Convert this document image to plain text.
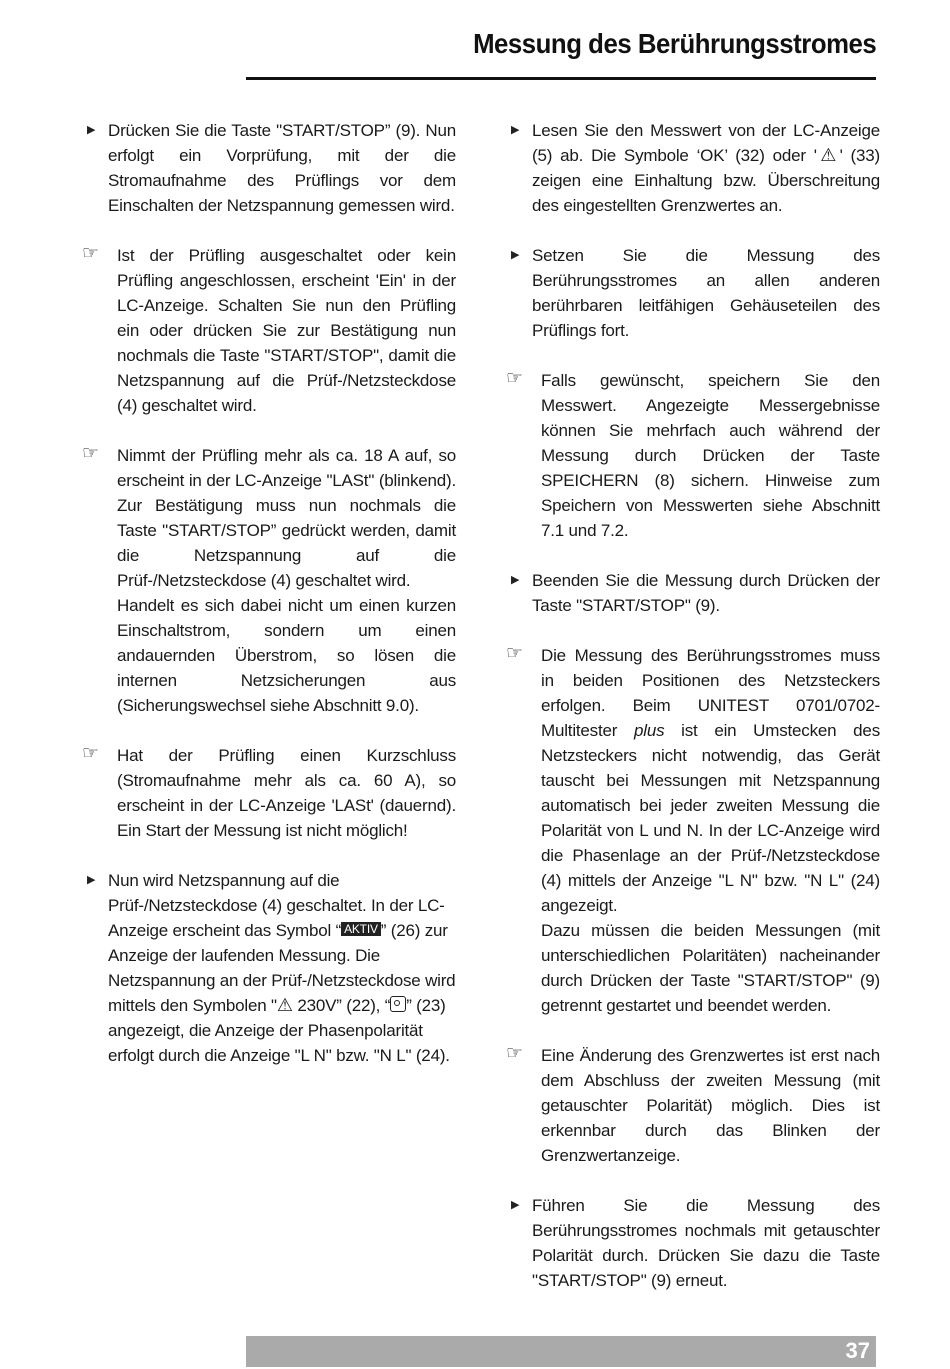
Messung des Berührungsstromes
▶ Drücken Sie die Taste "START/STOP” (9). Nun erfolgt ein Vorprüfung, mit der die Stromaufnahme des Prüflings vor dem Einschalten der Netzspannung gemessen wird.
☞ Ist der Prüfling ausgeschaltet oder kein Prüfling angeschlossen, erscheint 'Ein' in der LC-Anzeige. Schalten Sie nun den Prüfling ein oder drücken Sie zur Bestätigung nun nochmals die Taste "START/STOP", damit die Netzspannung auf die Prüf-/Netzsteckdose (4) geschaltet wird.
☞ Nimmt der Prüfling mehr als ca. 18 A auf, so erscheint in der LC-Anzeige "LASt" (blinkend). Zur Bestätigung muss nun nochmals die Taste "START/STOP” gedrückt werden, damit die Netzspannung auf die Prüf-/Netzsteckdose (4) geschaltet wird.

Handelt es sich dabei nicht um einen kurzen Einschaltstrom, sondern um einen andauernden Überstrom, so lösen die internen Netzsicherungen aus (Sicherungswechsel siehe Abschnitt 9.0).

☞ Hat der Prüfling einen Kurzschluss (Stromaufnahme mehr als ca. 60 A), so erscheint in der LC-Anzeige 'LASt' (dauernd). Ein Start der Messung ist nicht möglich!
▶ Nun wird Netzspannung auf die Prüf-/Netzsteckdose (4) geschaltet. In der LC-Anzeige erscheint das Symbol “ AKTIV ” (26) zur Anzeige der laufenden Messung. Die Netzspannung an der Prüf-/Netzsteckdose wird mittels den Symbolen "⚠ 230V” (22), “ ” (23) angezeigt, die Anzeige der Phasenpolarität erfolgt durch die Anzeige "L N" bzw. "N L" (24).
▶ Lesen Sie den Messwert von der LC-Anzeige (5) ab. Die Symbole ‘OK’ (32) oder '⚠' (33) zeigen eine Einhaltung bzw. Überschreitung des eingestellten Grenzwertes an.
▶ Setzen Sie die Messung des Berührungsstromes an allen anderen berührbaren leitfähigen Gehäuseteilen des Prüflings fort.
☞ Falls gewünscht, speichern Sie den Messwert. Angezeigte Messergebnisse können Sie mehrfach auch während der Messung durch Drücken der Taste SPEICHERN (8) sichern. Hinweise zum Speichern von Messwerten siehe Abschnitt 7.1 und 7.2.
▶ Beenden Sie die Messung durch Drücken der Taste "START/STOP" (9).
☞ Die Messung des Berührungsstromes muss in beiden Positionen des Netzsteckers erfolgen. Beim UNITEST 0701/0702-Multitester plus ist ein Umstecken des Netzsteckers nicht notwendig, das Gerät tauscht bei Messungen mit Netzspannung automatisch bei jeder zweiten Messung die Polarität von L und N. In der LC-Anzeige wird die Phasenlage an der Prüf-/Netzsteckdose (4) mittels der Anzeige "L N" bzw. "N L" (24) angezeigt.

Dazu müssen die beiden Messungen (mit unterschiedlichen Polaritäten) nacheinander durch Drücken der Taste "START/STOP" (9) getrennt gestartet und beendet werden.

☞ Eine Änderung des Grenzwertes ist erst nach dem Abschluss der zweiten Messung (mit getauschter Polarität) möglich. Dies ist erkennbar durch das Blinken der Grenzwertanzeige.
▶ Führen Sie die Messung des Berührungsstromes nochmals mit getauschter Polarität durch. Drücken Sie dazu die Taste "START/STOP" (9) erneut.
37
